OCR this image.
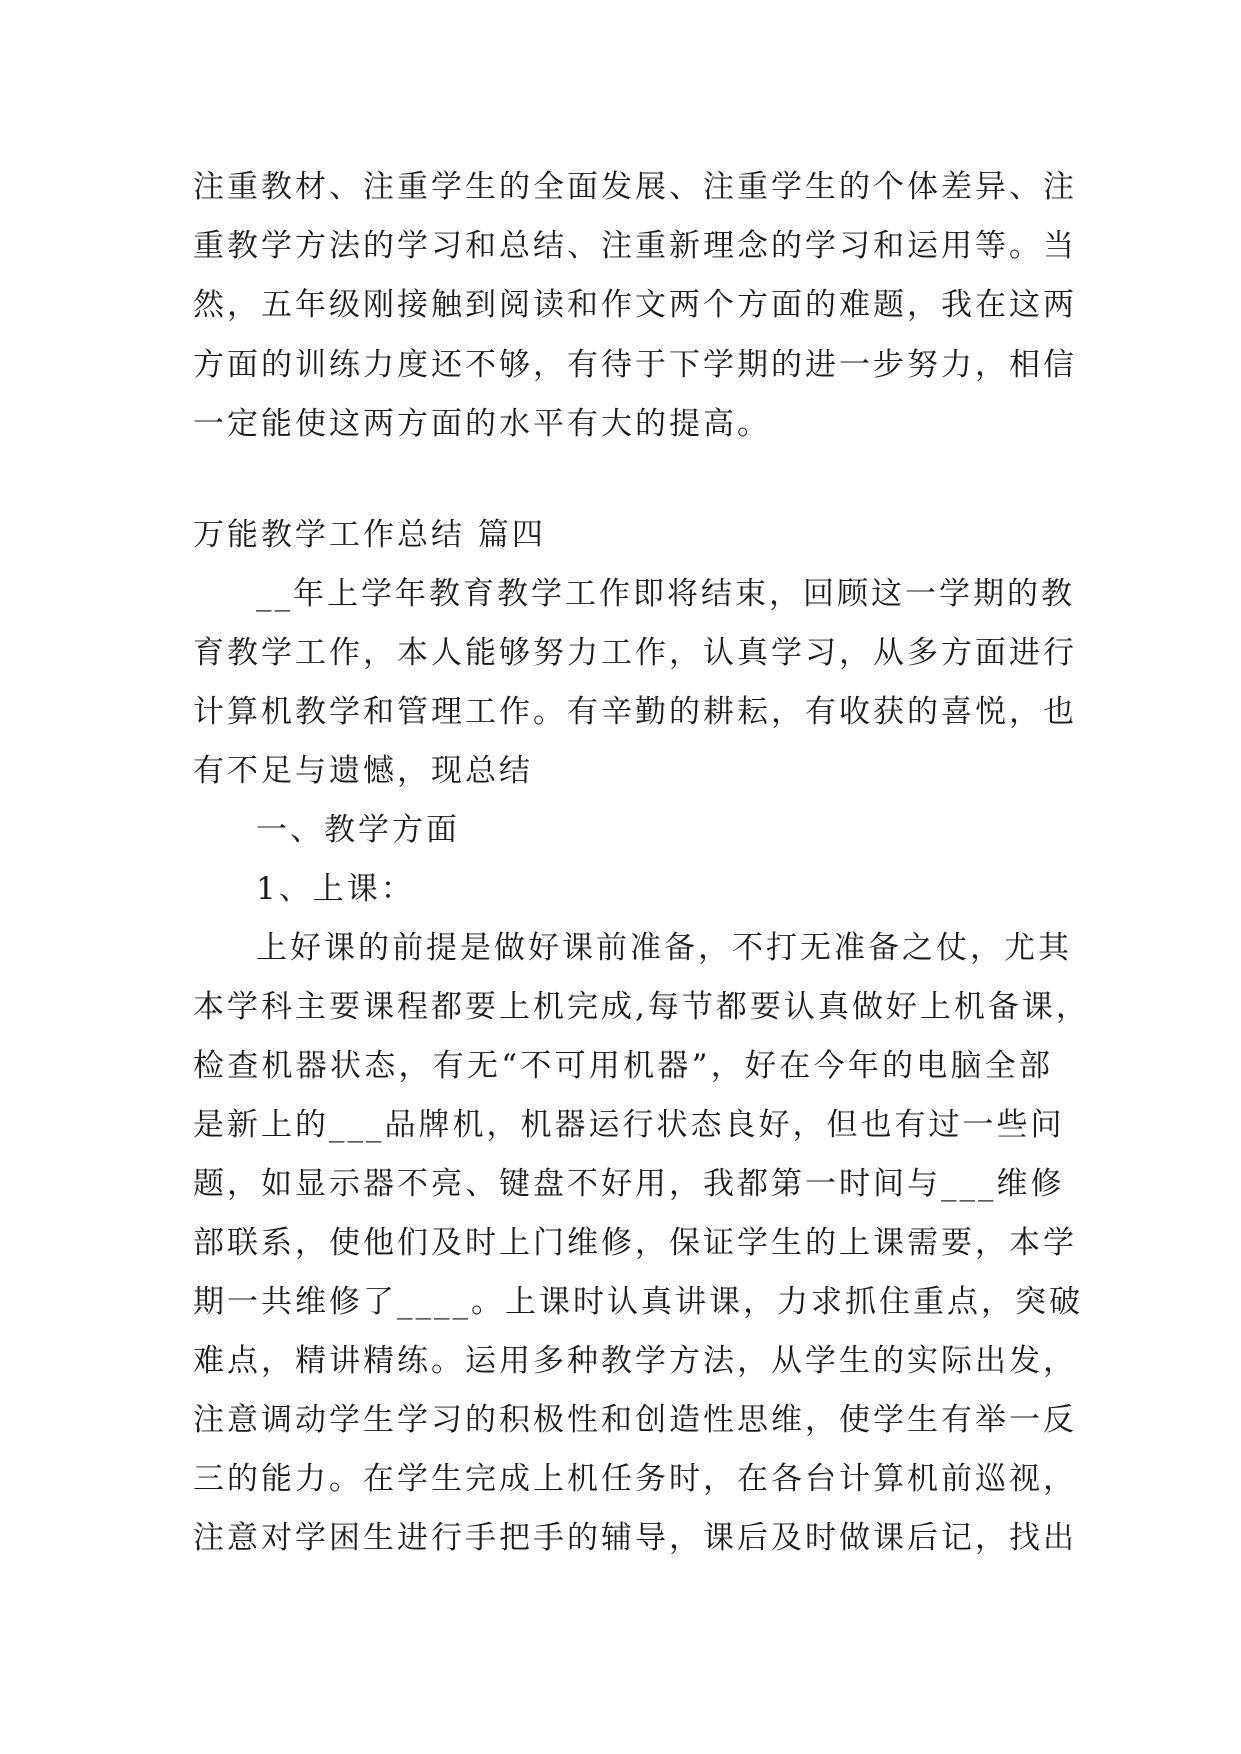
注重教材、注重学生的全面发展、注重学生的个体差异、注
重教学方法的学习和总结、注重新理念的学习和运用等。当
然，五年级刚接触到阅读和作文两个方面的难题，我在这两
方面的训练力度还不够，有待于下学期的进一步努力，相信
一定能使这两方面的水平有大的提高。
万能教学工作总结 篇四
__年上学年教育教学工作即将结束，回顾这一学期的教
育教学工作，本人能够努力工作，认真学习，从多方面进行
计算机教学和管理工作。有辛勤的耕耘，有收获的喜悦，也
有不足与遗憾，现总结
一、教学方面
1、上课：
上好课的前提是做好课前准备，不打无准备之仗，尤其
本学科主要课程都要上机完成,每节都要认真做好上机备课，
检查机器状态，有无“不可用机器”，好在今年的电脑全部
是新上的___品牌机，机器运行状态良好，但也有过一些问
题，如显示器不亮、键盘不好用，我都第一时间与___维修
部联系，使他们及时上门维修，保证学生的上课需要，本学
期一共维修了____。上课时认真讲课，力求抓住重点，突破
难点，精讲精练。运用多种教学方法，从学生的实际出发，
注意调动学生学习的积极性和创造性思维，使学生有举一反
三的能力。在学生完成上机任务时，在各台计算机前巡视，
注意对学困生进行手把手的辅导，课后及时做课后记，找出
